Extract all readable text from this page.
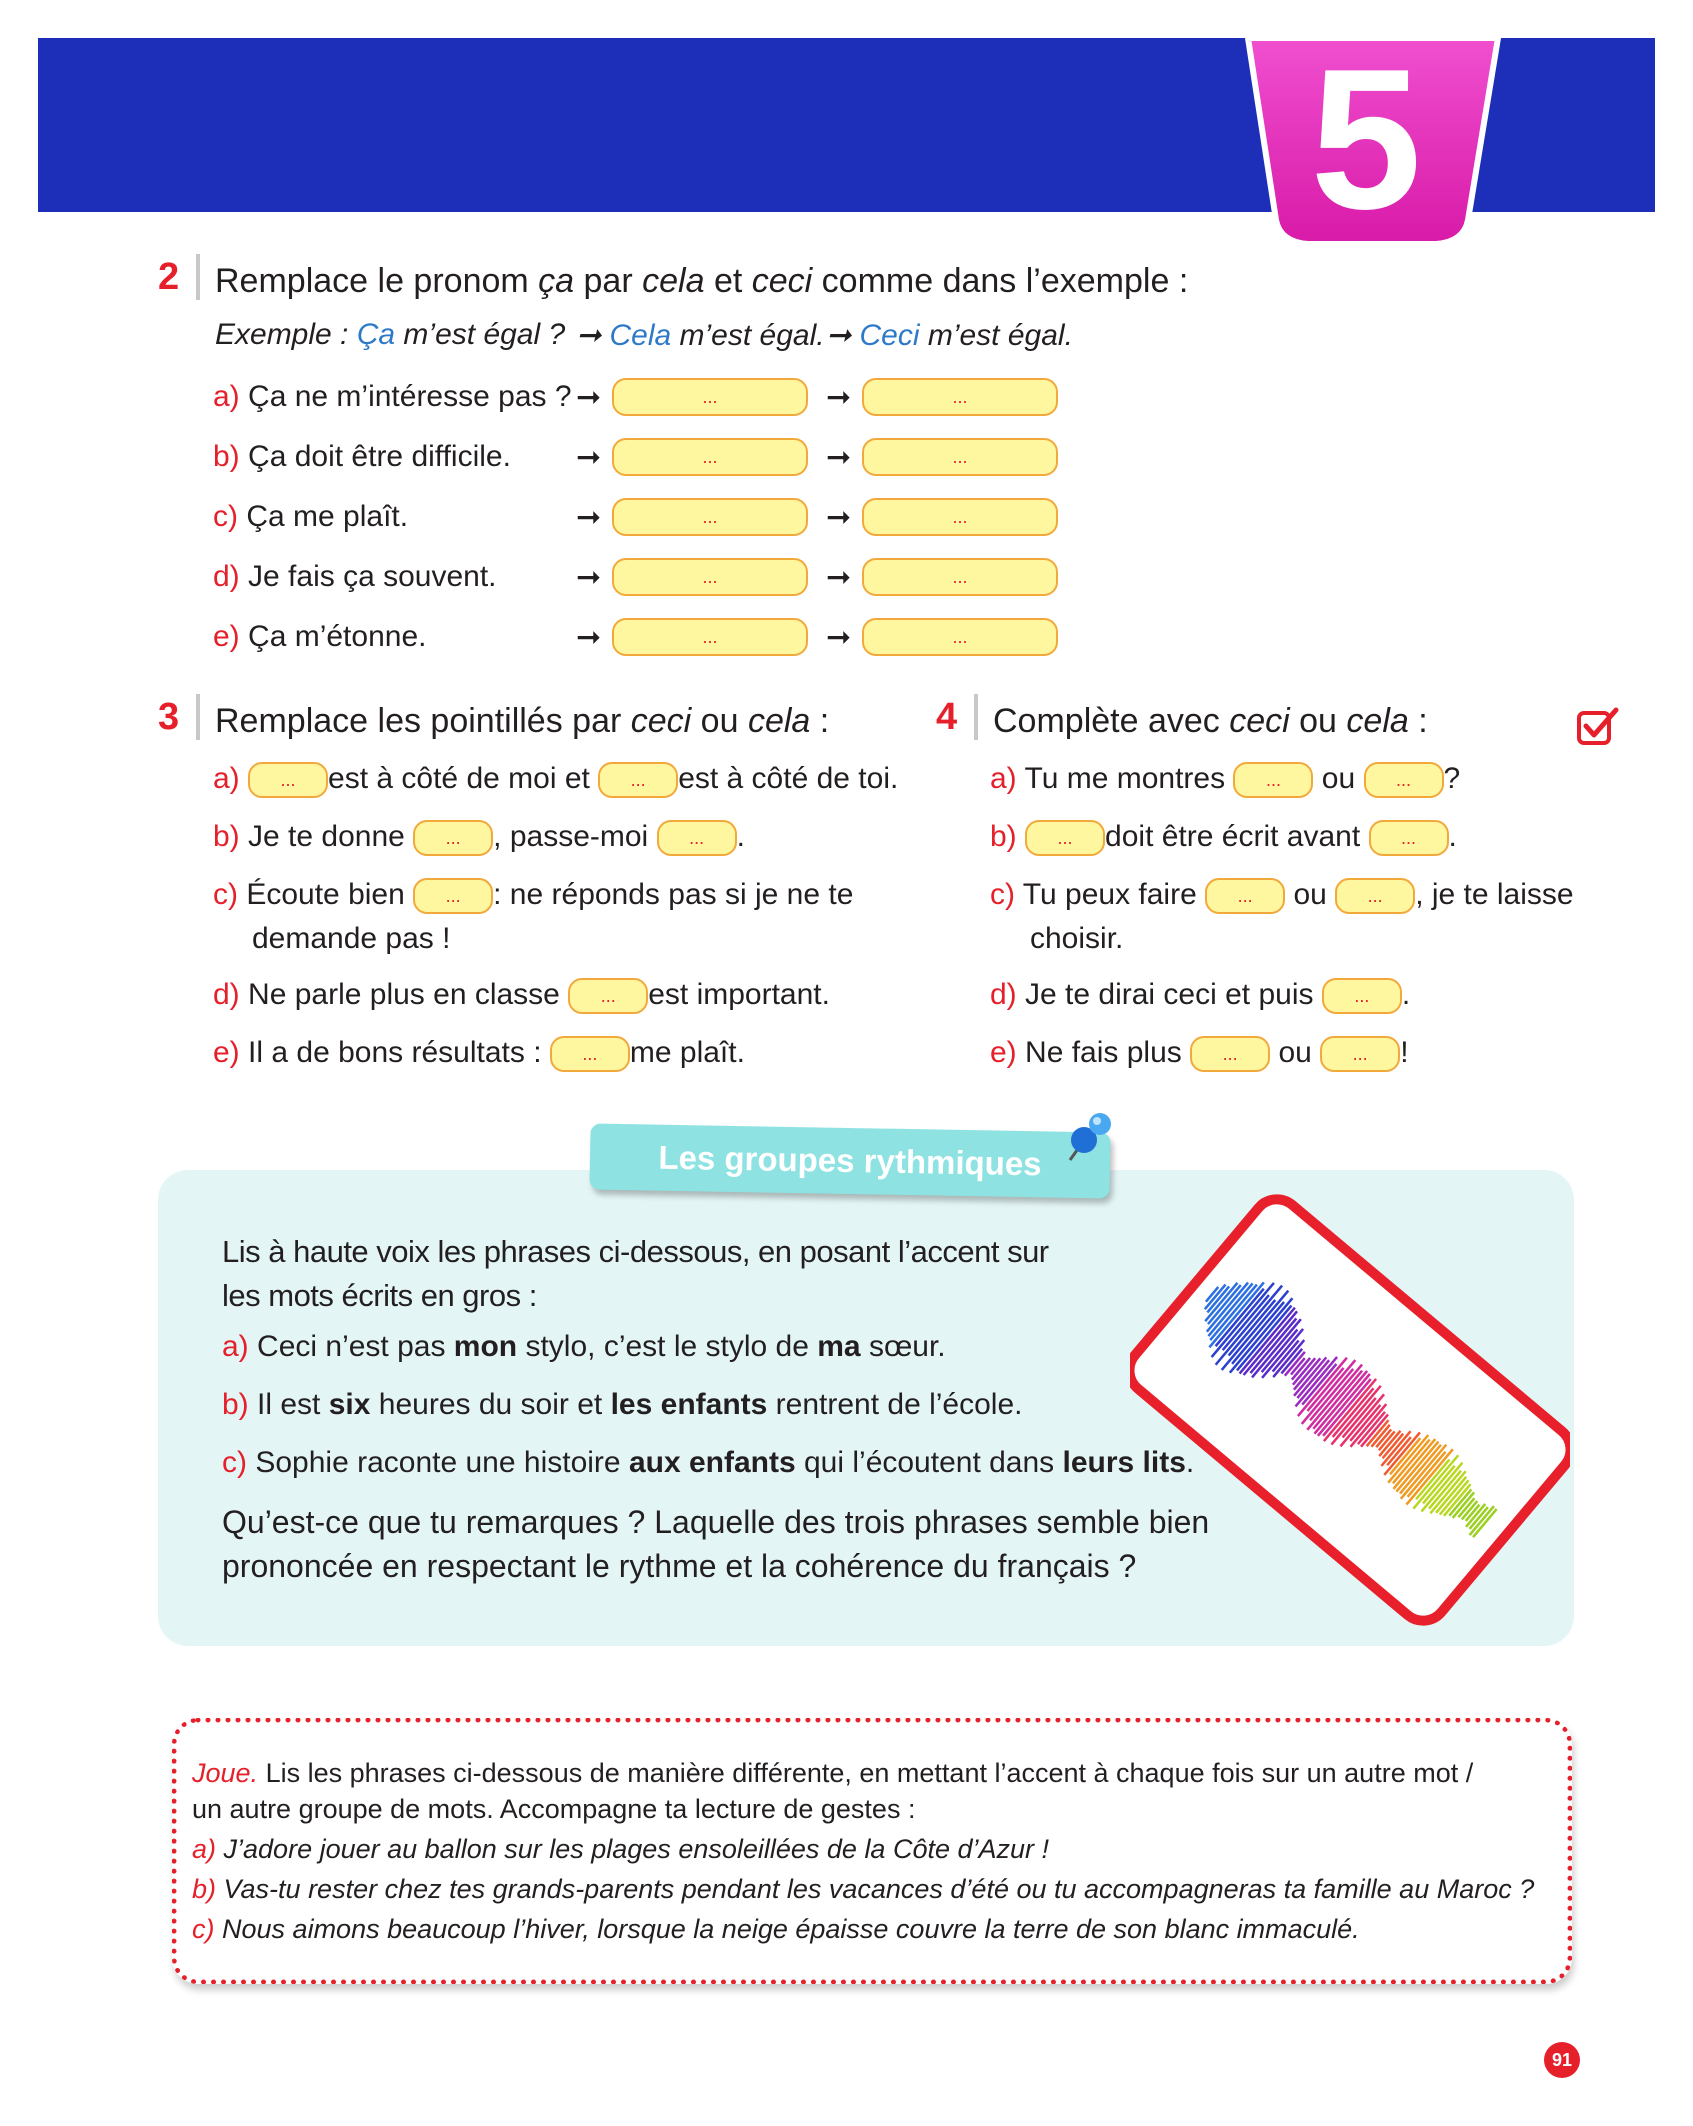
5
2 Remplace le pronom ça par cela et ceci comme dans l’exemple :
Exemple : Ça m’est égal ? ➞ Cela m’est égal. ➞ Ceci m’est égal.
a) Ça ne m’intéresse pas ? ➞	...	➞	...
b) Ça doit être difficile. ➞	...	➞	...
c) Ça me plaît.	➞	...	➞	...
d) Je fais ça souvent.	➞	...	➞	...
e) Ça m’étonne.	➞	...	➞	...
3 Remplace les pointillés par ceci ou cela :
a) ... est à côté de moi et ... est à côté de toi.
b) Je te donne ... , passe-moi ... .
c) Écoute bien ... : ne réponds pas si je ne te
demande pas !
d) Ne parle plus en classe ... est important.
e) Il a de bons résultats : ... me plaît.
4 Complète avec ceci ou cela :
a) Tu me montres ... ou ... ?
b) ... doit être écrit avant ... .
c) Tu peux faire ... ou ... , je te laisse
choisir.
d) Je te dirai ceci et puis ... .
e) Ne fais plus ... ou ... !
Les groupes rythmiques
Lis à haute voix les phrases ci-dessous, en posant l’accent sur
les mots écrits en gros :
a) Ceci n’est pas mon stylo, c’est le stylo de ma sœur.
b) Il est six heures du soir et les enfants rentrent de l’école.
c) Sophie raconte une histoire aux enfants qui l’écoutent dans leurs lits.
Qu’est-ce que tu remarques ? Laquelle des trois phrases semble bien
prononcée en respectant le rythme et la cohérence du français ?
Joue. Lis les phrases ci-dessous de manière différente, en mettant l’accent à chaque fois sur un autre mot /
un autre groupe de mots. Accompagne ta lecture de gestes :
a) J’adore jouer au ballon sur les plages ensoleillées de la Côte d’Azur !
b) Vas-tu rester chez tes grands-parents pendant les vacances d’été ou tu accompagneras ta famille au Maroc ?
c) Nous aimons beaucoup l’hiver, lorsque la neige épaisse couvre la terre de son blanc immaculé.
91
